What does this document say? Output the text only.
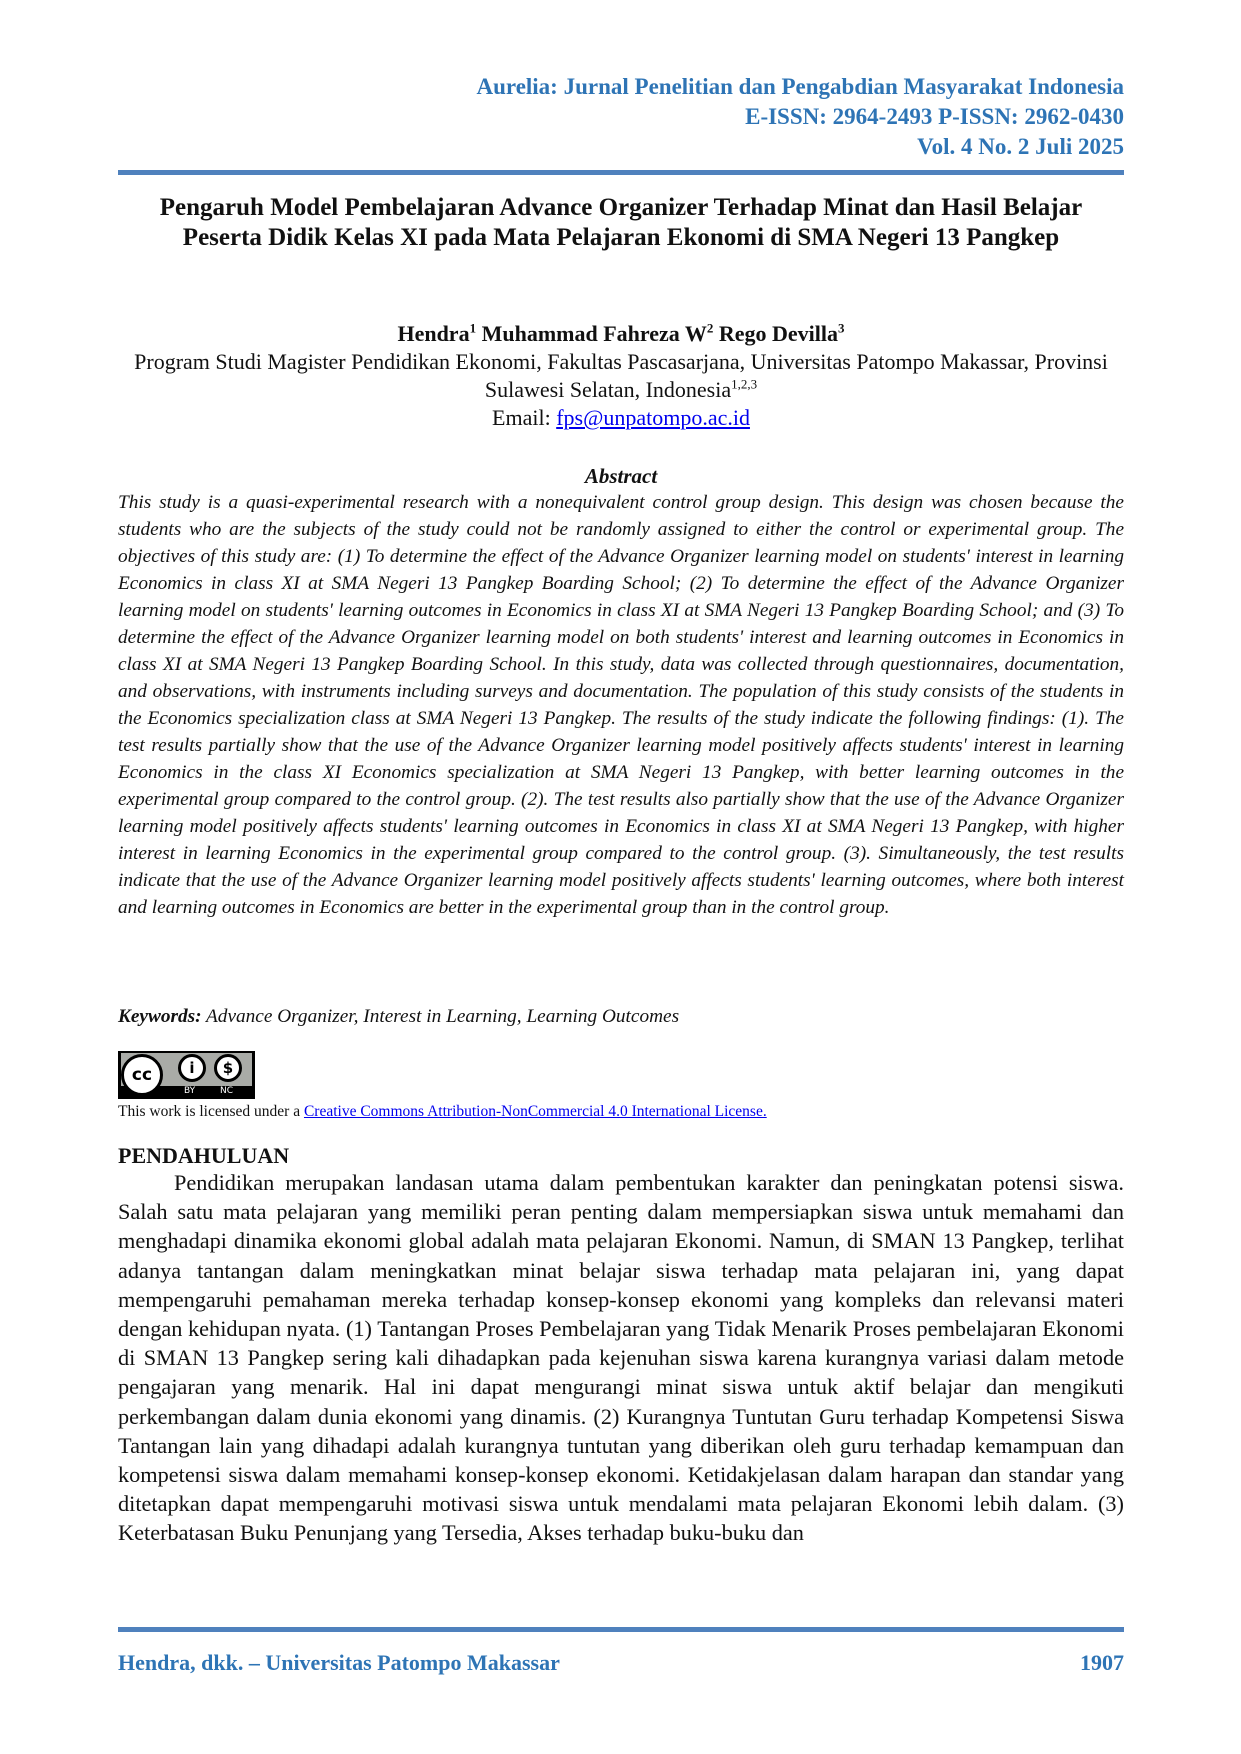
Aurelia: Jurnal Penelitian dan Pengabdian Masyarakat Indonesia
E-ISSN: 2964-2493 P-ISSN: 2962-0430
Vol. 4 No. 2 Juli 2025
Pengaruh Model Pembelajaran Advance Organizer Terhadap Minat dan Hasil Belajar Peserta Didik Kelas XI pada Mata Pelajaran Ekonomi di SMA Negeri 13 Pangkep
Hendra$^1$ Muhammad Fahreza $W^2$ Rego Devilla$^3$
Program Studi Magister Pendidikan Ekonomi, Fakultas Pascasarjana, Universitas Patompo Makassar, Provinsi Sulawesi Selatan, Indonesia$^{1,2,3}$
Email: fps@unpatompo.ac.id
Abstract
This study is a quasi-experimental research with a nonequivalent control group design. This design was chosen because the students who are the subjects of the study could not be randomly assigned to either the control or experimental group. The objectives of this study are: (1) To determine the effect of the Advance Organizer learning model on students' interest in learning Economics in class XI at SMA Negeri 13 Pangkep Boarding School; (2) To determine the effect of the Advance Organizer learning model on students' learning outcomes in Economics in class XI at SMA Negeri 13 Pangkep Boarding School; and (3) To determine the effect of the Advance Organizer learning model on both students' interest and learning outcomes in Economics in class XI at SMA Negeri 13 Pangkep Boarding School. In this study, data was collected through questionnaires, documentation, and observations, with instruments including surveys and documentation. The population of this study consists of the students in the Economics specialization class at SMA Negeri 13 Pangkep. The results of the study indicate the following findings: (1). The test results partially show that the use of the Advance Organizer learning model positively affects students' interest in learning Economics in the class XI Economics specialization at SMA Negeri 13 Pangkep, with better learning outcomes in the experimental group compared to the control group. (2). The test results also partially show that the use of the Advance Organizer learning model positively affects students' learning outcomes in Economics in class XI at SMA Negeri 13 Pangkep, with higher interest in learning Economics in the experimental group compared to the control group. (3). Simultaneously, the test results indicate that the use of the Advance Organizer learning model positively affects students' learning outcomes, where both interest and learning outcomes in Economics are better in the experimental group than in the control group.
Keywords: Advance Organizer, Interest in Learning, Learning Outcomes
cc	i	$
BY	NC
This work is licensed under a Creative Commons Attribution-NonCommercial 4.0 International License.
PENDAHULUAN
Pendidikan merupakan landasan utama dalam pembentukan karakter dan peningkatan potensi siswa. Salah satu mata pelajaran yang memiliki peran penting dalam mempersiapkan siswa untuk memahami dan menghadapi dinamika ekonomi global adalah mata pelajaran Ekonomi. Namun, di SMAN 13 Pangkep, terlihat adanya tantangan dalam meningkatkan minat belajar siswa terhadap mata pelajaran ini, yang dapat mempengaruhi pemahaman mereka terhadap konsep-konsep ekonomi yang kompleks dan relevansi materi dengan kehidupan nyata. (1) Tantangan Proses Pembelajaran yang Tidak Menarik Proses pembelajaran Ekonomi di SMAN 13 Pangkep sering kali dihadapkan pada kejenuhan siswa karena kurangnya variasi dalam metode pengajaran yang menarik. Hal ini dapat mengurangi minat siswa untuk aktif belajar dan mengikuti perkembangan dalam dunia ekonomi yang dinamis. (2) Kurangnya Tuntutan Guru terhadap Kompetensi Siswa Tantangan lain yang dihadapi adalah kurangnya tuntutan yang diberikan oleh guru terhadap kemampuan dan kompetensi siswa dalam memahami konsep-konsep ekonomi. Ketidakjelasan dalam harapan dan standar yang ditetapkan dapat mempengaruhi motivasi siswa untuk mendalami mata pelajaran Ekonomi lebih dalam. (3) Keterbatasan Buku Penunjang yang Tersedia, Akses terhadap buku-buku dan
Hendra, dkk. – Universitas Patompo Makassar	1907
